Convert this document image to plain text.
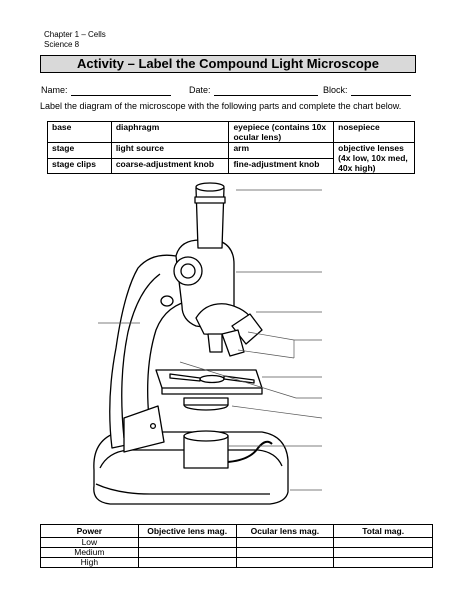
Chapter 1 – Cells
Science 8
Activity – Label the Compound Light Microscope
Name:	Date:	Block:
Label the diagram of the microscope with the following parts and complete the chart below.
base	diaphragm	eyepiece (contains 10x ocular lens)	nosepiece
stage	light source	arm	objective lenses (4x low, 10x med, 40x high)
stage clips	coarse-adjustment knob	fine-adjustment knob	
Power	Objective lens mag.	Ocular lens mag.	Total mag.
Low			
Medium			
High			
